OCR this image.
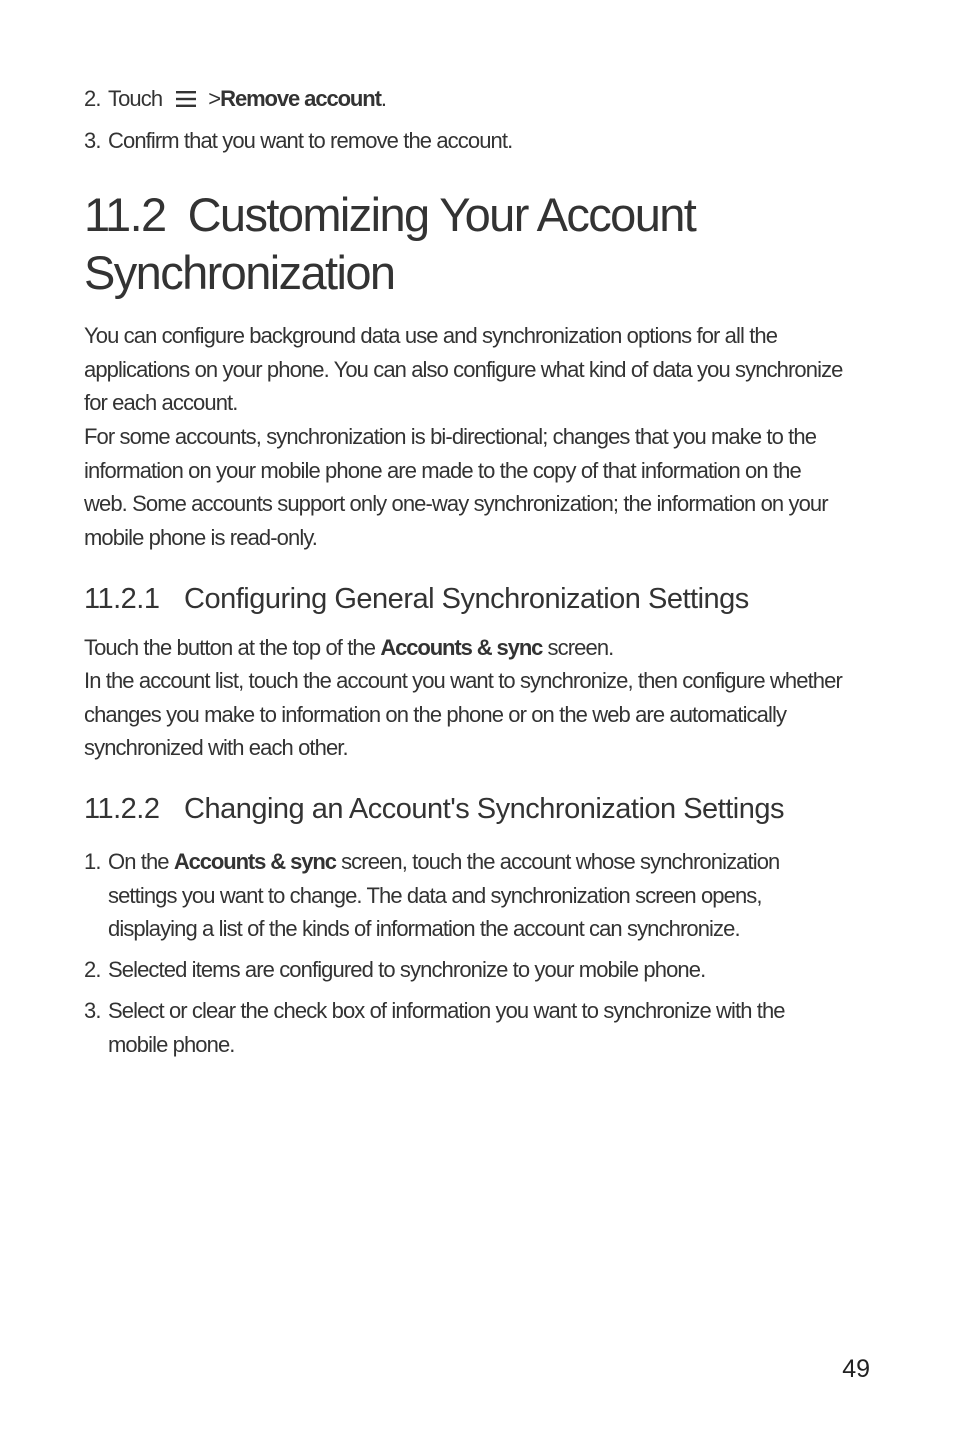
2. Touch >Remove account.
3. Confirm that you want to remove the account.
11.2 Customizing Your Account
Synchronization

You can configure background data use and synchronization options for all the
applications on your phone. You can also configure what kind of data you synchronize
for each account.

For some accounts, synchronization is bi-directional; changes that you make to the
information on your mobile phone are made to the copy of that information on the
web. Some accounts support only one-way synchronization; the information on your
mobile phone is read-only.

11.2.1 Configuring General Synchronization Settings

Touch the button at the top of the Accounts & sync screen.

In the account list, touch the account you want to synchronize, then configure whether
changes you make to information on the phone or on the web are automatically
synchronized with each other.

11.2.2 Changing an Account's Synchronization Settings
1. On the Accounts & sync screen, touch the account whose synchronization
settings you want to change. The data and synchronization screen opens,
displaying a list of the kinds of information the account can synchronize.
2. Selected items are configured to synchronize to your mobile phone.
3. Select or clear the check box of information you want to synchronize with the
mobile phone.
49
